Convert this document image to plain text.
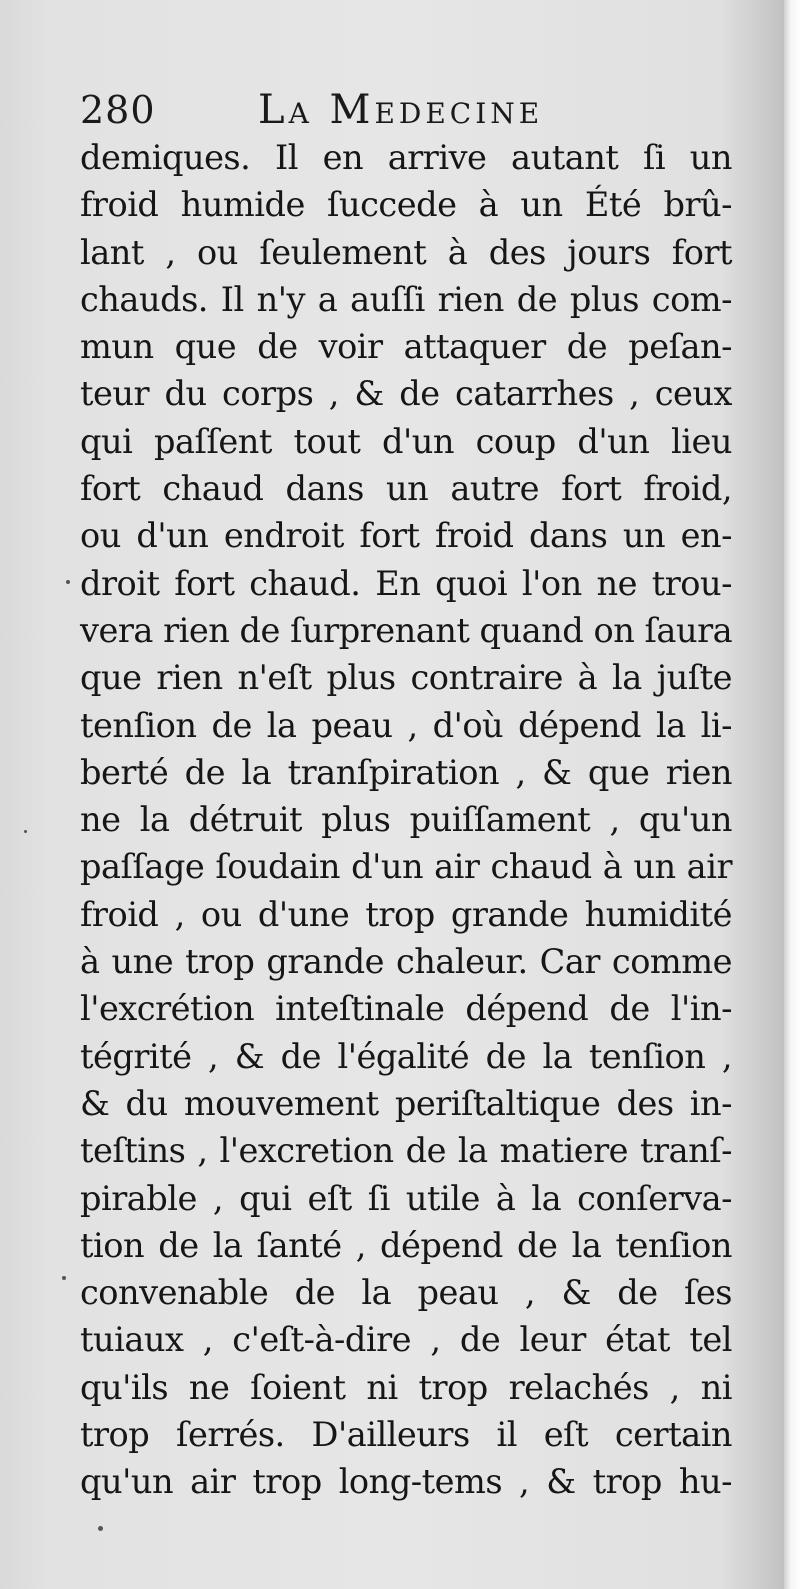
280	La Medecine
demiques. Il en arrive autant ſi un
froid humide ſuccede à un Été brû-
lant , ou ſeulement à des jours fort
chauds. Il n'y a auſſi rien de plus com-
mun que de voir attaquer de peſan-
teur du corps , & de catarrhes , ceux
qui paſſent tout d'un coup d'un lieu
fort chaud dans un autre fort froid,
ou d'un endroit fort froid dans un en-
droit fort chaud. En quoi l'on ne trou-
vera rien de ſurprenant quand on ſaura
que rien n'eſt plus contraire à la juſte
tenſion de la peau , d'où dépend la li-
berté de la tranſpiration , & que rien
ne la détruit plus puiſſament , qu'un
paſſage ſoudain d'un air chaud à un air
froid , ou d'une trop grande humidité
à une trop grande chaleur. Car comme
l'excrétion inteſtinale dépend de l'in-
tégrité , & de l'égalité de la tenſion ,
& du mouvement periſtaltique des in-
teſtins , l'excretion de la matiere tranſ-
pirable , qui eſt ſi utile à la conſerva-
tion de la ſanté , dépend de la tenſion
convenable de la peau , & de ſes
tuiaux , c'eſt-à-dire , de leur état tel
qu'ils ne ſoient ni trop relachés , ni
trop ſerrés. D'ailleurs il eſt certain
qu'un air trop long-tems , & trop hu-
